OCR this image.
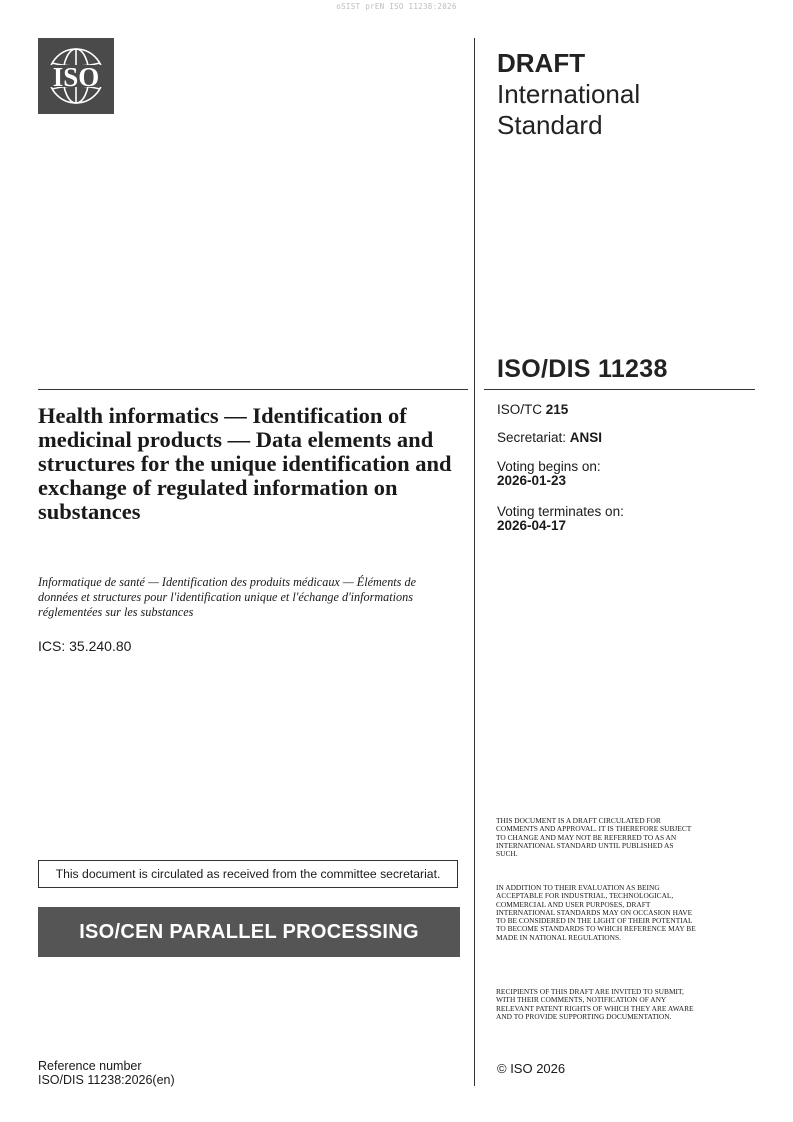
oSIST prEN ISO 11238:2026
ISO	DRAFT
International
Standard
ISO/DIS 11238
Health informatics — Identification of medicinal products — Data elements and structures for the unique identification and exchange of regulated information on substances
Informatique de santé — Identification des produits médicaux — Éléments de données et structures pour l'identification unique et l'échange d'informations réglementées sur les substances
ICS: 35.240.80
ISO/TC 215
Secretariat: ANSI
Voting begins on:
2026-01-23
Voting terminates on:
2026-04-17
This document is circulated as received from the committee secretariat.
ISO/CEN PARALLEL PROCESSING
THIS DOCUMENT IS A DRAFT CIRCULATED FOR COMMENTS AND APPROVAL. IT IS THEREFORE SUBJECT TO CHANGE AND MAY NOT BE REFERRED TO AS AN INTERNATIONAL STANDARD UNTIL PUBLISHED AS SUCH.
IN ADDITION TO THEIR EVALUATION AS BEING ACCEPTABLE FOR INDUSTRIAL, TECHNOLOGICAL, COMMERCIAL AND USER PURPOSES, DRAFT INTERNATIONAL STANDARDS MAY ON OCCASION HAVE TO BE CONSIDERED IN THE LIGHT OF THEIR POTENTIAL TO BECOME STANDARDS TO WHICH REFERENCE MAY BE MADE IN NATIONAL REGULATIONS.
RECIPIENTS OF THIS DRAFT ARE INVITED TO SUBMIT, WITH THEIR COMMENTS, NOTIFICATION OF ANY RELEVANT PATENT RIGHTS OF WHICH THEY ARE AWARE AND TO PROVIDE SUPPORTING DOCUMENTATION.
© ISO 2026
Reference number
ISO/DIS 11238:2026(en)
